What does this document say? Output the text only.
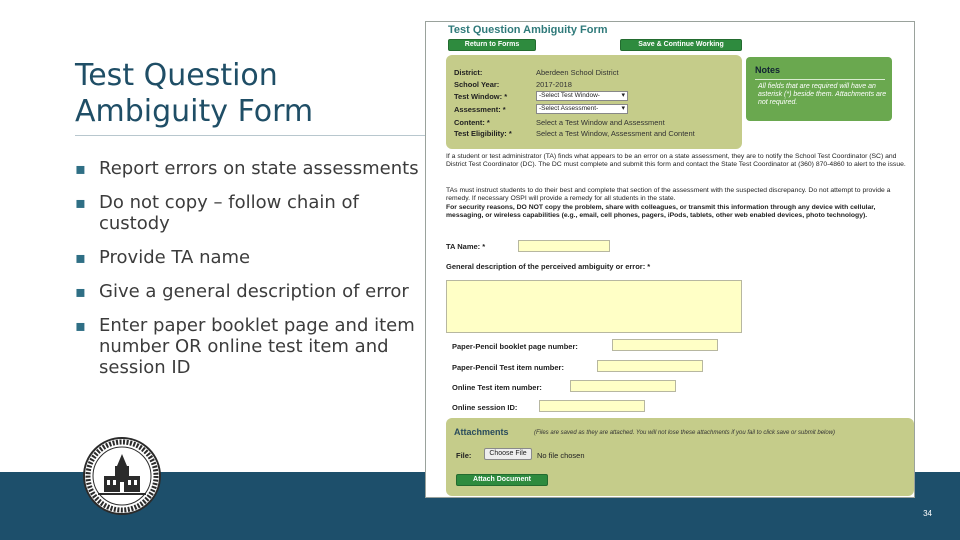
Test Question Ambiguity Form
▪ Report errors on state assessments
▪ Do not copy – follow chain of custody
▪ Provide TA name
▪ Give a general description of error
▪ Enter paper booklet page and item number OR online test item and session ID
34
Test Question Ambiguity Form
Return to Forms	Save & Continue Working
District:	Aberdeen School District
School Year:	2017-2018
Test Window: *	-Select Test Window- ▾
Assessment: *	-Select Assessment- ▾
Content: *	Select a Test Window and Assessment
Test Eligibility: *	Select a Test Window, Assessment and Content
Notes
All fields that are required will have an asterisk (*) beside them. Attachments are not required.
If a student or test administrator (TA) finds what appears to be an error on a state assessment, they are to notify the School Test Coordinator (SC) and District Test Coordinator (DC). The DC must complete and submit this form and contact the State Test Coordinator at (360) 870-4860 to alert to the issue.
TAs must instruct students to do their best and complete that section of the assessment with the suspected discrepancy. Do not attempt to provide a remedy. If necessary OSPI will provide a remedy for all students in the state.
For security reasons, DO NOT copy the problem, share with colleagues, or transmit this information through any device with cellular, messaging, or wireless capabilities (e.g., email, cell phones, pagers, iPods, tablets, other web enabled devices, photo technology).
TA Name: *
General description of the perceived ambiguity or error: *
Paper-Pencil booklet page number:
Paper-Pencil Test item number:
Online Test item number:
Online session ID:
Attachments	(Files are saved as they are attached. You will not lose these attachments if you fail to click save or submit below)
File:	Choose File	No file chosen
Attach Document
